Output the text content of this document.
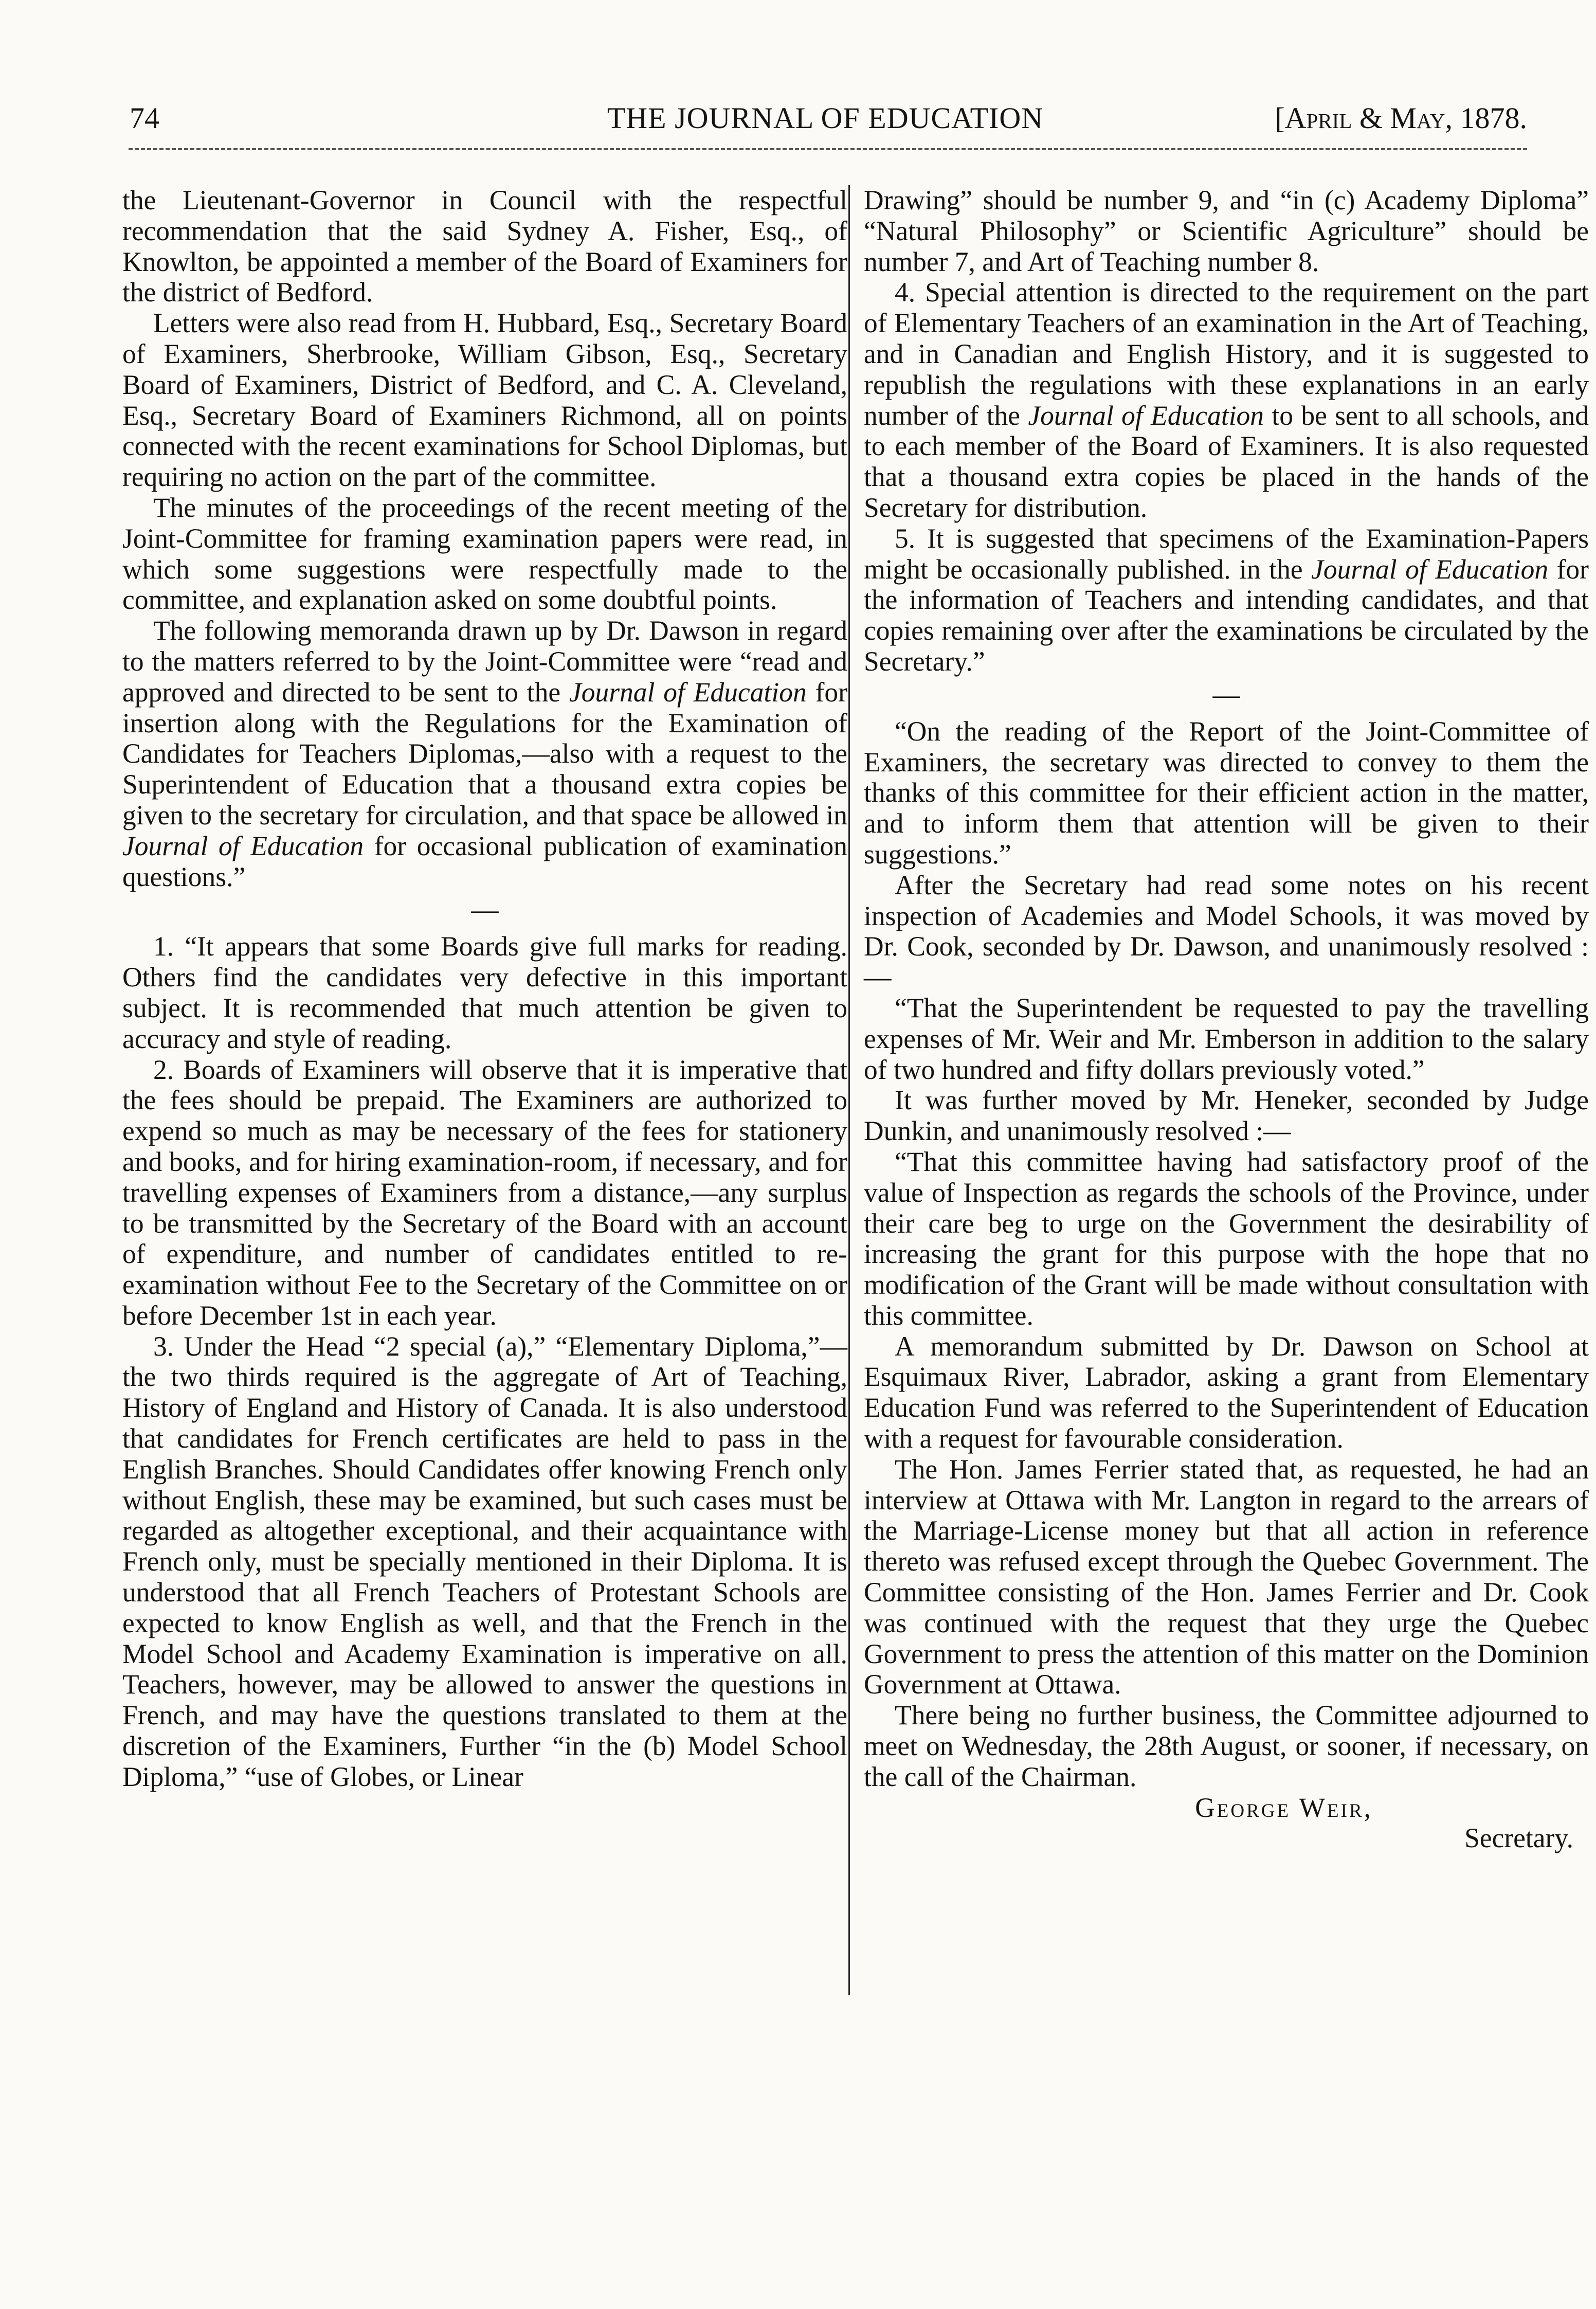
74	THE JOURNAL OF EDUCATION	[April & May, 1878.

the Lieutenant-Governor in Council with the respectful recommendation that the said Sydney A. Fisher, Esq., of Knowlton, be appointed a member of the Board of Examiners for the district of Bedford.

Letters were also read from H. Hubbard, Esq., Secretary Board of Examiners, Sherbrooke, William Gibson, Esq., Secretary Board of Examiners, District of Bedford, and C. A. Cleveland, Esq., Secretary Board of Examiners Richmond, all on points connected with the recent examinations for School Diplomas, but requiring no action on the part of the committee.

The minutes of the proceedings of the recent meeting of the Joint-Committee for framing examination papers were read, in which some suggestions were respectfully made to the committee, and explanation asked on some doubtful points.

The following memoranda drawn up by Dr. Dawson in regard to the matters referred to by the Joint-Committee were “read and approved and directed to be sent to the Journal of Education for insertion along with the Regulations for the Examination of Candidates for Teachers Diplomas,—also with a request to the Superintendent of Education that a thousand extra copies be given to the secretary for circulation, and that space be allowed in Journal of Education for occasional publication of examination questions.”

—

1. “It appears that some Boards give full marks for reading. Others find the candidates very defective in this important subject. It is recommended that much attention be given to accuracy and style of reading.

2. Boards of Examiners will observe that it is imperative that the fees should be prepaid. The Examiners are authorized to expend so much as may be necessary of the fees for stationery and books, and for hiring examination-room, if necessary, and for travelling expenses of Examiners from a distance,—any surplus to be transmitted by the Secretary of the Board with an account of expenditure, and number of candidates entitled to re-examination without Fee to the Secretary of the Committee on or before December 1st in each year.

3. Under the Head “2 special (a),” “Elementary Diploma,”—the two thirds required is the aggregate of Art of Teaching, History of England and History of Canada. It is also understood that candidates for French certificates are held to pass in the English Branches. Should Candidates offer knowing French only without English, these may be examined, but such cases must be regarded as altogether exceptional, and their acquaintance with French only, must be specially mentioned in their Diploma. It is understood that all French Teachers of Protestant Schools are expected to know English as well, and that the French in the Model School and Academy Examination is imperative on all. Teachers, however, may be allowed to answer the questions in French, and may have the questions translated to them at the discretion of the Examiners, Further “in the (b) Model School Diploma,” “use of Globes, or Linear

Drawing” should be number 9, and “in (c) Academy Diploma” “Natural Philosophy” or Scientific Agriculture” should be number 7, and Art of Teaching number 8.

4. Special attention is directed to the requirement on the part of Elementary Teachers of an examination in the Art of Teaching, and in Canadian and English History, and it is suggested to republish the regulations with these explanations in an early number of the Journal of Education to be sent to all schools, and to each member of the Board of Examiners. It is also requested that a thousand extra copies be placed in the hands of the Secretary for distribution.

5. It is suggested that specimens of the Examination-Papers might be occasionally published. in the Journal of Education for the information of Teachers and intending candidates, and that copies remaining over after the examinations be circulated by the Secretary.”

—

“On the reading of the Report of the Joint-Committee of Examiners, the secretary was directed to convey to them the thanks of this committee for their efficient action in the matter, and to inform them that attention will be given to their suggestions.”

After the Secretary had read some notes on his recent inspection of Academies and Model Schools, it was moved by Dr. Cook, seconded by Dr. Dawson, and unanimously resolved :—

“That the Superintendent be requested to pay the travelling expenses of Mr. Weir and Mr. Emberson in addition to the salary of two hundred and fifty dollars previously voted.”

It was further moved by Mr. Heneker, seconded by Judge Dunkin, and unanimously resolved :—

“That this committee having had satisfactory proof of the value of Inspection as regards the schools of the Province, under their care beg to urge on the Government the desirability of increasing the grant for this purpose with the hope that no modification of the Grant will be made without consultation with this committee.

A memorandum submitted by Dr. Dawson on School at Esquimaux River, Labrador, asking a grant from Elementary Education Fund was referred to the Superintendent of Education with a request for favourable consideration.

The Hon. James Ferrier stated that, as requested, he had an interview at Ottawa with Mr. Langton in regard to the arrears of the Marriage-License money but that all action in reference thereto was refused except through the Quebec Government. The Committee consisting of the Hon. James Ferrier and Dr. Cook was continued with the request that they urge the Quebec Government to press the attention of this matter on the Dominion Government at Ottawa.

There being no further business, the Committee adjourned to meet on Wednesday, the 28th August, or sooner, if necessary, on the call of the Chairman.

George Weir,
Secretary.
